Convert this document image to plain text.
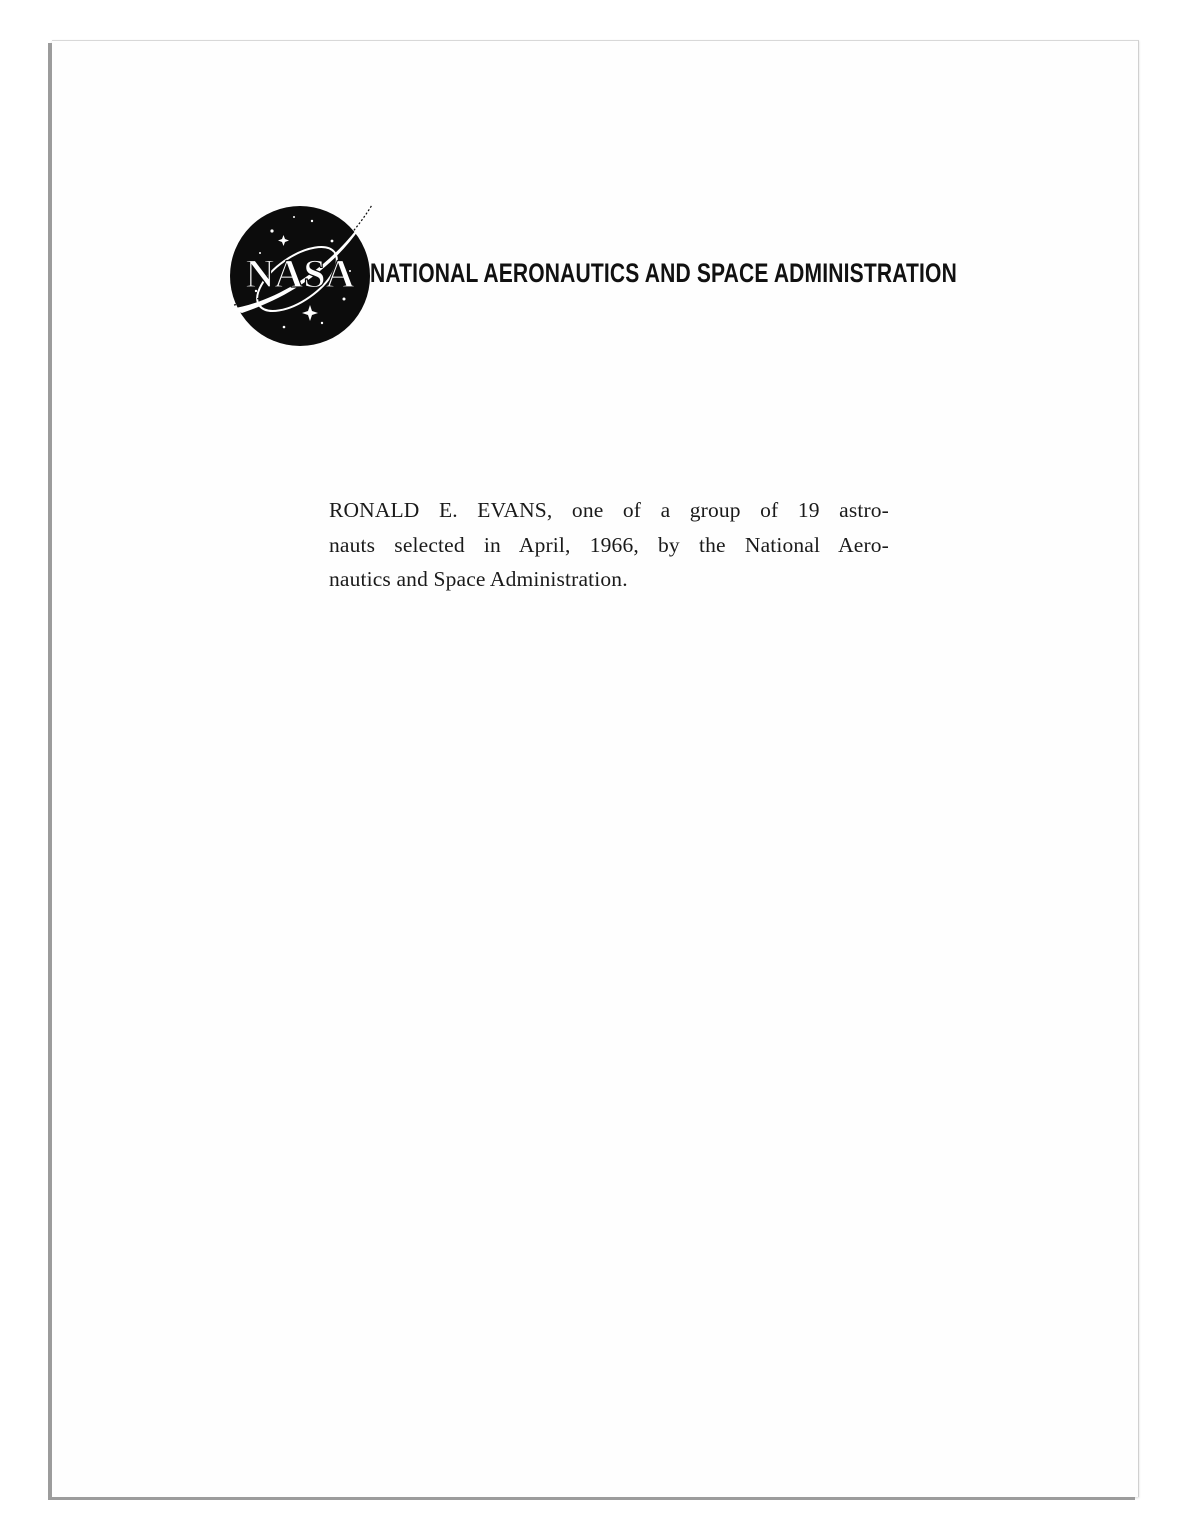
NASA NATIONAL AERONAUTICS AND SPACE ADMINISTRATION

RONALD E. EVANS, one of a group of 19 astro-
nauts selected in April, 1966, by the National Aero-
nautics and Space Administration.
